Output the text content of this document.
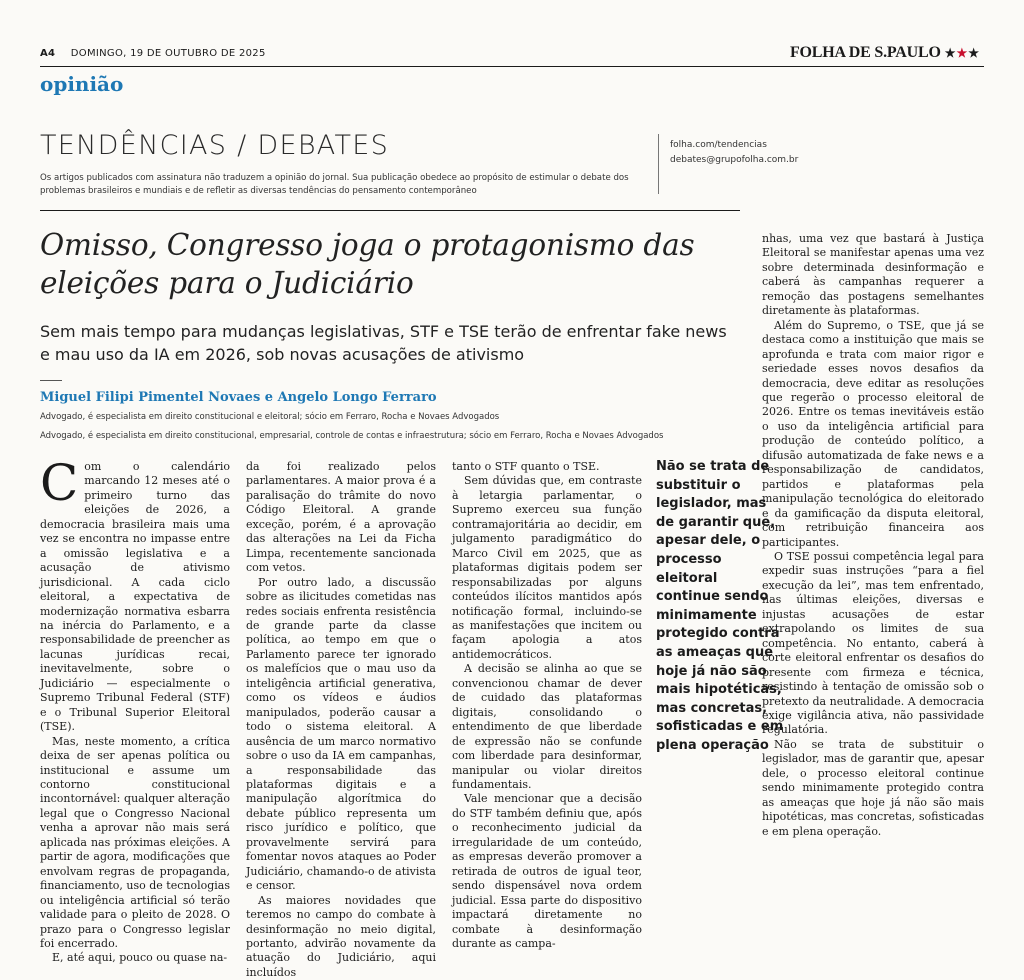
A4 DOMINGO, 19 DE OUTUBRO DE 2025	FOLHA DE S.PAULO ★★★
opinião
TENDÊNCIAS / DEBATES
Os artigos publicados com assinatura não traduzem a opinião do jornal. Sua publicação obedece ao propósito de estimular o debate dos problemas brasileiros e mundiais e de refletir as diversas tendências do pensamento contemporâneo
folha.com/tendencias
debates@grupofolha.com.br
Omisso, Congresso joga o protagonismo das eleições para o Judiciário
Sem mais tempo para mudanças legislativas, STF e TSE terão de enfrentar fake news e mau uso da IA em 2026, sob novas acusações de ativismo
Miguel Filipi Pimentel Novaes e Angelo Longo Ferraro
Advogado, é especialista em direito constitucional e eleitoral; sócio em Ferraro, Rocha e Novaes Advogados
Advogado, é especialista em direito constitucional, empresarial, controle de contas e infraestrutura; sócio em Ferraro, Rocha e Novaes Advogados
C om o calendário marcando 12 meses até o primeiro turno das eleições de 2026, a democracia brasileira mais uma vez se encontra no impasse entre a omissão legislativa e a acusação de ativismo jurisdicional. A cada ciclo eleitoral, a expectativa de modernização normativa esbarra na inércia do Parlamento, e a responsabilidade de preencher as lacunas jurídicas recai, inevitavelmente, sobre o Judiciário — especialmente o Supremo Tribunal Federal (STF) e o Tribunal Superior Eleitoral (TSE).

Mas, neste momento, a crítica deixa de ser apenas política ou institucional e assume um contorno constitucional incontornável: qualquer alteração legal que o Congresso Nacional venha a aprovar não mais será aplicada nas próximas eleições. A partir de agora, modificações que envolvam regras de propaganda, financiamento, uso de tecnologias ou inteligência artificial só terão validade para o pleito de 2028. O prazo para o Congresso legislar foi encerrado.

E, até aqui, pouco ou quase na-

da foi realizado pelos parlamentares. A maior prova é a paralisação do trâmite do novo Código Eleitoral. A grande exceção, porém, é a aprovação das alterações na Lei da Ficha Limpa, recentemente sancionada com vetos.

Por outro lado, a discussão sobre as ilicitudes cometidas nas redes sociais enfrenta resistência de grande parte da classe política, ao tempo em que o Parlamento parece ter ignorado os malefícios que o mau uso da inteligência artificial generativa, como os vídeos e áudios manipulados, poderão causar a todo o sistema eleitoral. A ausência de um marco normativo sobre o uso da IA em campanhas, a responsabilidade das plataformas digitais e a manipulação algorítmica do debate público representa um risco jurídico e político, que provavelmente servirá para fomentar novos ataques ao Poder Judiciário, chamando-o de ativista e censor.

As maiores novidades que teremos no campo do combate à desinformação no meio digital, portanto, advirão novamente da atuação do Judiciário, aqui incluídos

tanto o STF quanto o TSE.

Sem dúvidas que, em contraste à letargia parlamentar, o Supremo exerceu sua função contramajoritária ao decidir, em julgamento paradigmático do Marco Civil em 2025, que as plataformas digitais podem ser responsabilizadas por alguns conteúdos ilícitos mantidos após notificação formal, incluindo-se as manifestações que incitem ou façam apologia a atos antidemocráticos.

A decisão se alinha ao que se convencionou chamar de dever de cuidado das plataformas digitais, consolidando o entendimento de que liberdade de expressão não se confunde com liberdade para desinformar, manipular ou violar direitos fundamentais.

Vale mencionar que a decisão do STF também definiu que, após o reconhecimento judicial da irregularidade de um conteúdo, as empresas deverão promover a retirada de outros de igual teor, sendo dispensável nova ordem judicial. Essa parte do dispositivo impactará diretamente no combate à desinformação durante as campa-

Não se trata de substituir o legislador, mas de garantir que, apesar dele, o processo eleitoral continue sendo minimamente protegido contra as ameaças que hoje já não são mais hipotéticas, mas concretas, sofisticadas e em plena operação

nhas, uma vez que bastará à Justiça Eleitoral se manifestar apenas uma vez sobre determinada desinformação e caberá às campanhas requerer a remoção das postagens semelhantes diretamente às plataformas.

Além do Supremo, o TSE, que já se destaca como a instituição que mais se aprofunda e trata com maior rigor e seriedade esses novos desafios da democracia, deve editar as resoluções que regerão o processo eleitoral de 2026. Entre os temas inevitáveis estão o uso da inteligência artificial para produção de conteúdo político, a difusão automatizada de fake news e a responsabilização de candidatos, partidos e plataformas pela manipulação tecnológica do eleitorado e da gamificação da disputa eleitoral, com retribuição financeira aos participantes.

O TSE possui competência legal para expedir suas instruções “para a fiel execução da lei”, mas tem enfrentado, nas últimas eleições, diversas e injustas acusações de estar extrapolando os limites de sua competência. No entanto, caberá à corte eleitoral enfrentar os desafios do presente com firmeza e técnica, resistindo à tentação de omissão sob o pretexto da neutralidade. A democracia exige vigilância ativa, não passividade regulatória.

Não se trata de substituir o legislador, mas de garantir que, apesar dele, o processo eleitoral continue sendo minimamente protegido contra as ameaças que hoje já não são mais hipotéticas, mas concretas, sofisticadas e em plena operação.
